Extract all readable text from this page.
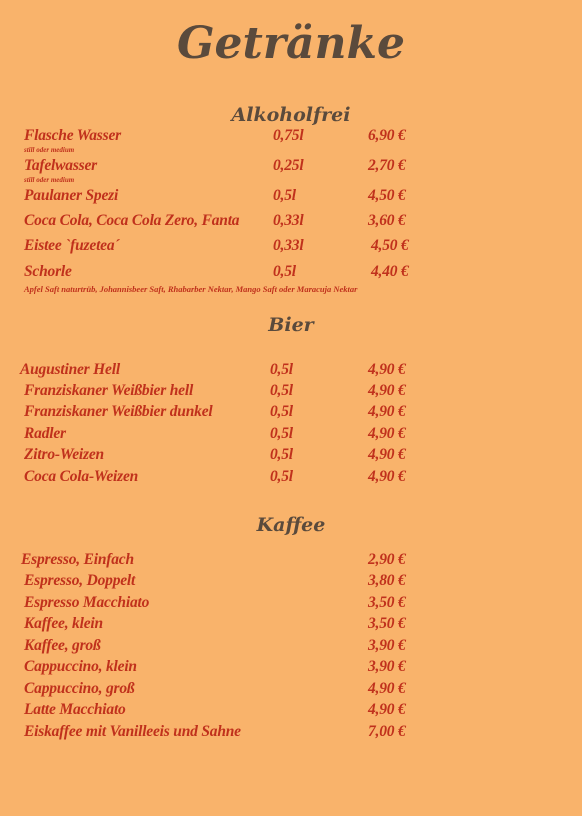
Getränke
Alkoholfrei
Flasche Wasser	0,75l	6,90 €
still oder medium
Tafelwasser	0,25l	2,70 €
still oder medium
Paulaner Spezi	0,5l	4,50 €
Coca Cola, Coca Cola Zero, Fanta 0,33l	3,60 €
Eistee `fuzetea´	0,33l	4,50 €
Schorle	0,5l	4,40 €
Apfel Saft naturtrüb, Johannisbeer Saft, Rhabarber Nektar, Mango Saft oder Maracuja Nektar
Bier
Augustiner Hell	0,5l	4,90 €
Franziskaner Weißbier hell	0,5l	4,90 €
Franziskaner Weißbier dunkel	0,5l	4,90 €
Radler	0,5l	4,90 €
Zitro-Weizen	0,5l	4,90 €
Coca Cola-Weizen	0,5l	4,90 €
Kaffee
Espresso, Einfach	2,90 €
Espresso, Doppelt	3,80 €
Espresso Macchiato	3,50 €
Kaffee, klein	3,50 €
Kaffee, groß	3,90 €
Cappuccino, klein	3,90 €
Cappuccino, groß	4,90 €
Latte Macchiato	4,90 €
Eiskaffee mit Vanilleeis und Sahne	7,00 €
